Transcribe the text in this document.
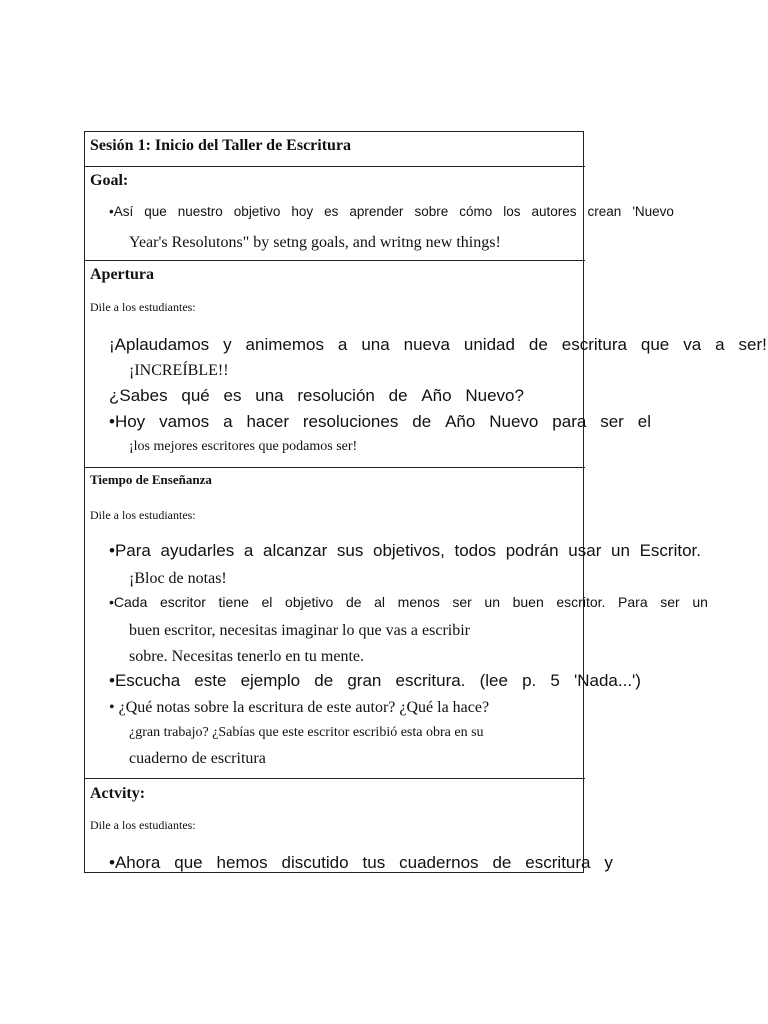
Sesión 1: Inicio del Taller de Escritura
Goal:
•Así que nuestro objetivo hoy es aprender sobre cómo los autores crean 'Nuevo
Year's Resolutons" by setng goals, and writng new things!
Apertura
Dile a los estudiantes:
¡Aplaudamos y animemos a una nueva unidad de escritura que va a ser!
¡INCREÍBLE!!
¿Sabes qué es una resolución de Año Nuevo?
•Hoy vamos a hacer resoluciones de Año Nuevo para ser el
¡los mejores escritores que podamos ser!
Tiempo de Enseñanza
Dile a los estudiantes:
•Para ayudarles a alcanzar sus objetivos, todos podrán usar un Escritor.
¡Bloc de notas!
•Cada escritor tiene el objetivo de al menos ser un buen escritor. Para ser un
buen escritor, necesitas imaginar lo que vas a escribir
sobre. Necesitas tenerlo en tu mente.
•Escucha este ejemplo de gran escritura. (lee p. 5 'Nada...')
• ¿Qué notas sobre la escritura de este autor? ¿Qué la hace?
¿gran trabajo? ¿Sabías que este escritor escribió esta obra en su
cuaderno de escritura
Actvity:
Dile a los estudiantes:
•Ahora que hemos discutido tus cuadernos de escritura y
